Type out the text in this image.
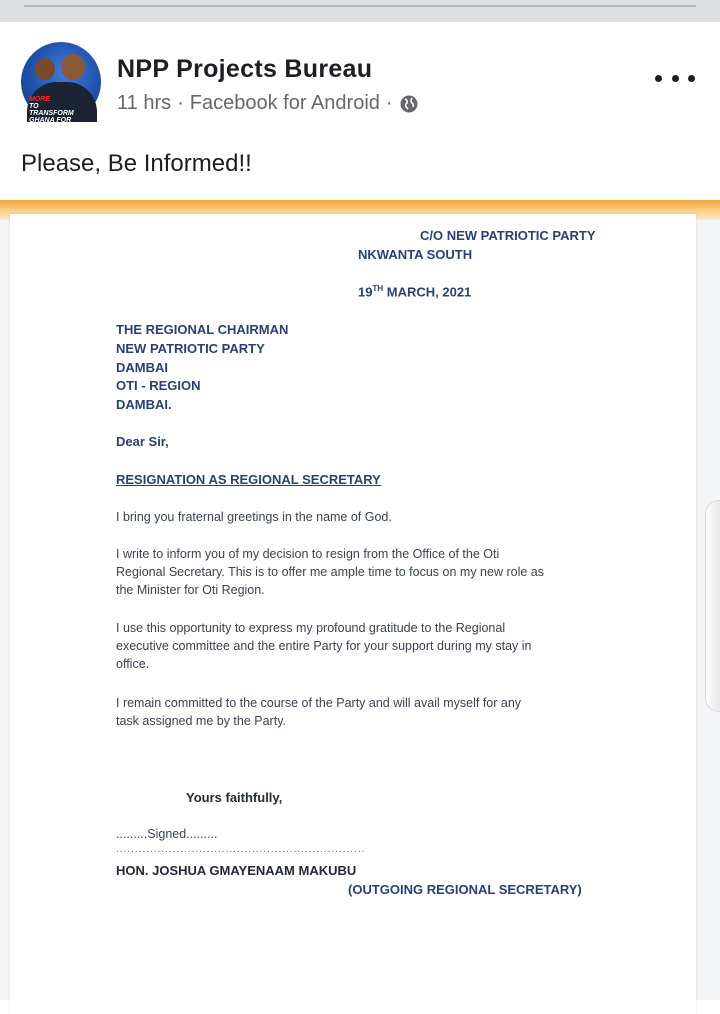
MORE
TO TRANSFORM
GHANA FOR ALL
NPP Projects Bureau
11 hrs · Facebook for Android ·
Please, Be Informed!!
C/O NEW PATRIOTIC PARTY
NKWANTA SOUTH
19TH MARCH, 2021
THE REGIONAL CHAIRMAN
NEW PATRIOTIC PARTY
DAMBAI
OTI - REGION
DAMBAI.
Dear Sir,
RESIGNATION AS REGIONAL SECRETARY
I bring you fraternal greetings in the name of God.
I write to inform you of my decision to resign from the Office of the Oti
Regional Secretary. This is to offer me ample time to focus on my new role as
the Minister for Oti Region.
I use this opportunity to express my profound gratitude to the Regional
executive committee and the entire Party for your support during my stay in
office.
I remain committed to the course of the Party and will avail myself for any
task assigned me by the Party.
Yours faithfully,
.........Signed.........
..................................................................
HON. JOSHUA GMAYENAAM MAKUBU
(OUTGOING REGIONAL SECRETARY)
